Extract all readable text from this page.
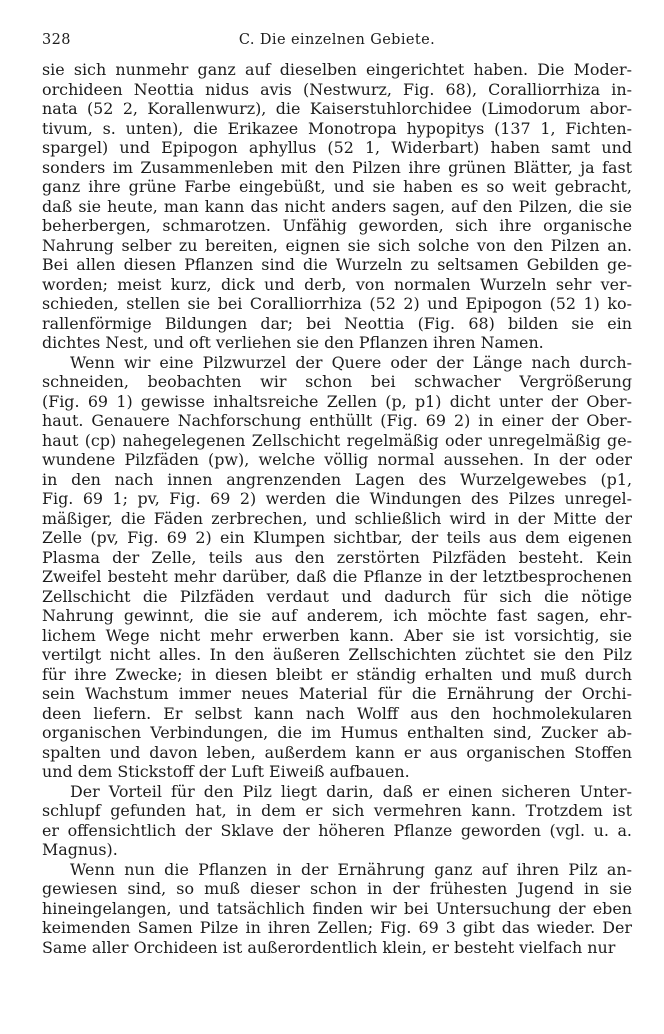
328	C. Die einzelnen Gebiete.

sie sich nunmehr ganz auf dieselben eingerichtet haben. Die Moder-
orchideen Neottia nidus avis (Nestwurz, Fig. 68), Coralliorrhiza in-
nata (52 2, Korallenwurz), die Kaiserstuhlorchidee (Limodorum abor-
tivum, s. unten), die Erikazee Monotropa hypopitys (137 1, Fichten-
spargel) und Epipogon aphyllus (52 1, Widerbart) haben samt und
sonders im Zusammenleben mit den Pilzen ihre grünen Blätter, ja fast
ganz ihre grüne Farbe eingebüßt, und sie haben es so weit gebracht,
daß sie heute, man kann das nicht anders sagen, auf den Pilzen, die sie
beherbergen, schmarotzen. Unfähig geworden, sich ihre organische
Nahrung selber zu bereiten, eignen sie sich solche von den Pilzen an.
Bei allen diesen Pflanzen sind die Wurzeln zu seltsamen Gebilden ge-
worden; meist kurz, dick und derb, von normalen Wurzeln sehr ver-
schieden, stellen sie bei Coralliorrhiza (52 2) und Epipogon (52 1) ko-
rallenförmige Bildungen dar; bei Neottia (Fig. 68) bilden sie ein
dichtes Nest, und oft verliehen sie den Pflanzen ihren Namen.

Wenn wir eine Pilzwurzel der Quere oder der Länge nach durch-
schneiden, beobachten wir schon bei schwacher Vergrößerung
(Fig. 69 1) gewisse inhaltsreiche Zellen (p, p1) dicht unter der Ober-
haut. Genauere Nachforschung enthüllt (Fig. 69 2) in einer der Ober-
haut (cp) nahegelegenen Zellschicht regelmäßig oder unregelmäßig ge-
wundene Pilzfäden (pw), welche völlig normal aussehen. In der oder
in den nach innen angrenzenden Lagen des Wurzelgewebes (p1,
Fig. 69 1; pv, Fig. 69 2) werden die Windungen des Pilzes unregel-
mäßiger, die Fäden zerbrechen, und schließlich wird in der Mitte der
Zelle (pv, Fig. 69 2) ein Klumpen sichtbar, der teils aus dem eigenen
Plasma der Zelle, teils aus den zerstörten Pilzfäden besteht. Kein
Zweifel besteht mehr darüber, daß die Pflanze in der letztbesprochenen
Zellschicht die Pilzfäden verdaut und dadurch für sich die nötige
Nahrung gewinnt, die sie auf anderem, ich möchte fast sagen, ehr-
lichem Wege nicht mehr erwerben kann. Aber sie ist vorsichtig, sie
vertilgt nicht alles. In den äußeren Zellschichten züchtet sie den Pilz
für ihre Zwecke; in diesen bleibt er ständig erhalten und muß durch
sein Wachstum immer neues Material für die Ernährung der Orchi-
deen liefern. Er selbst kann nach Wolff aus den hochmolekularen
organischen Verbindungen, die im Humus enthalten sind, Zucker ab-
spalten und davon leben, außerdem kann er aus organischen Stoffen
und dem Stickstoff der Luft Eiweiß aufbauen.

Der Vorteil für den Pilz liegt darin, daß er einen sicheren Unter-
schlupf gefunden hat, in dem er sich vermehren kann. Trotzdem ist
er offensichtlich der Sklave der höheren Pflanze geworden (vgl. u. a.
Magnus).

Wenn nun die Pflanzen in der Ernährung ganz auf ihren Pilz an-
gewiesen sind, so muß dieser schon in der frühesten Jugend in sie
hineingelangen, und tatsächlich finden wir bei Untersuchung der eben
keimenden Samen Pilze in ihren Zellen; Fig. 69 3 gibt das wieder. Der
Same aller Orchideen ist außerordentlich klein, er besteht vielfach nur
